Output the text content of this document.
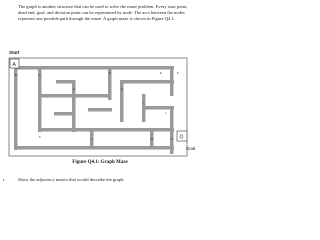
The graph is another structure that can be used to solve the maze problem. Every start point, dead end, goal, and decision point can be represented by node. The arcs between the nodes represent one possible path through the maze. A graph maze is shown in Figure Q4.1.

Start
A
O
B	C
D	E	F
G	H
I
J
K
L	M	N
Goal
Figure Q4.1: Graph Maze
i.	Show the adjacency matrix that would describe the graph.
